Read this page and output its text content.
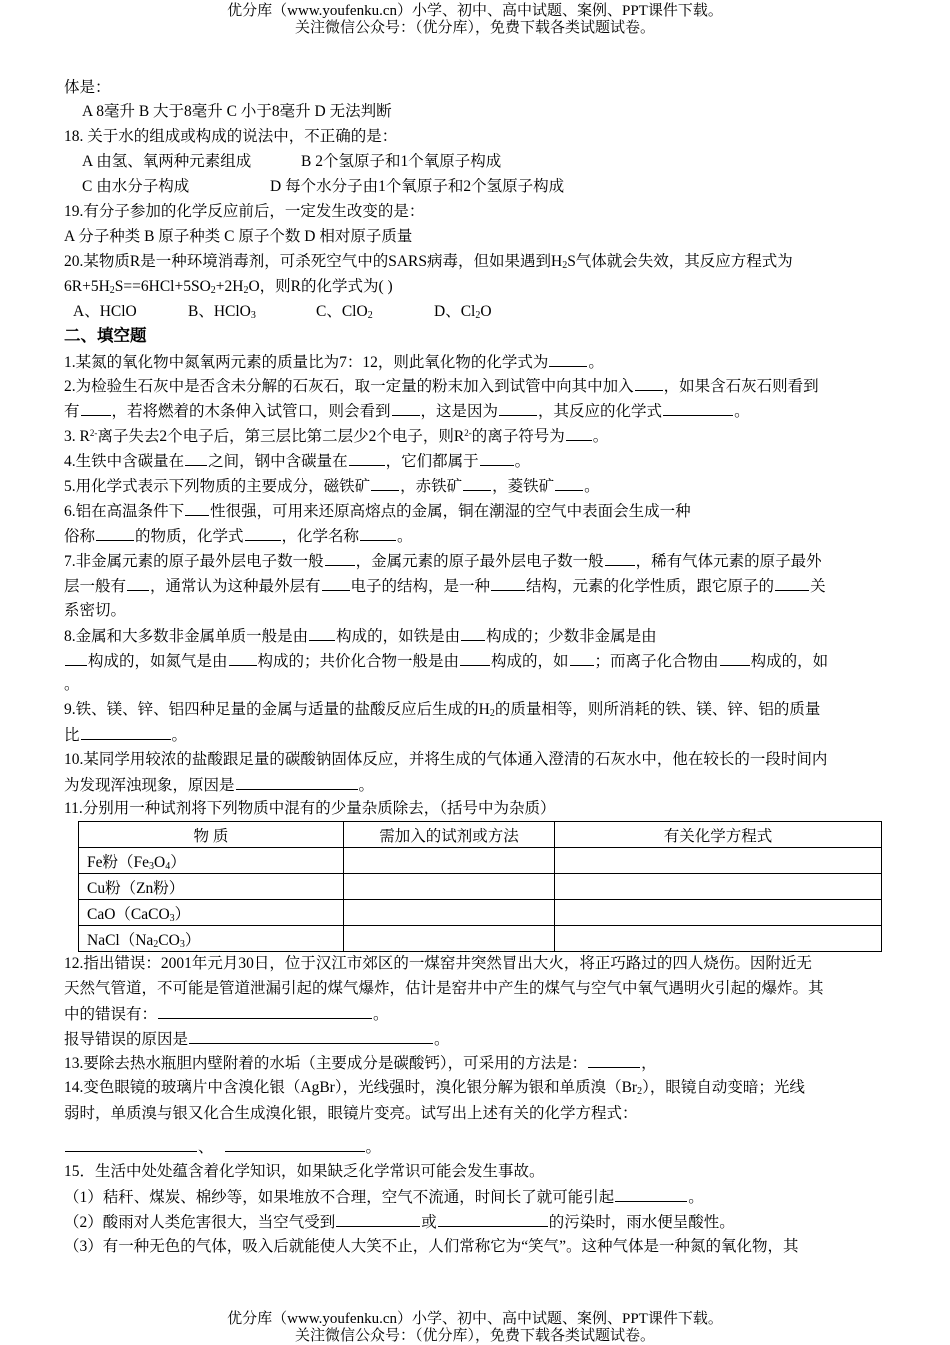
优分库（www.youfenku.cn）小学、初中、高中试题、案例、PPT课件下载。
关注微信公众号：（优分库），免费下载各类试题试卷。
体是：
A 8毫升 B 大于8毫升 C 小于8毫升 D 无法判断
18. 关于水的组成或构成的说法中，不正确的是：
A 由氢、氧两种元素组成	B 2个氢原子和1个氧原子构成
C 由水分子构成	D 每个水分子由1个氧原子和2个氢原子构成
19.有分子参加的化学反应前后，一定发生改变的是：
A 分子种类 B 原子种类 C 原子个数 D 相对原子质量
20.某物质R是一种环境消毒剂，可杀死空气中的SARS病毒，但如果遇到$H_2S$气体就会失效，其反应方程式为
$6R+5H_2S==6HCl+5SO_2+2H_2O$，则R的化学式为( )
A、HClO	B、HClO$_3$	C、ClO$_2$	D、$Cl_2O$
二、填空题
1.某氮的氧化物中氮氧两元素的质量比为7：12，则此氧化物的化学式为	。
2.为检验生石灰中是否含未分解的石灰石，取一定量的粉末加入到试管中向其中加入 ，如果含石灰石则看到
有 ，若将燃着的木条伸入试管口，则会看到 ，这是因为	，其反应的化学式	。
3. $R^{2-}$离子失去2个电子后，第三层比第二层少2个电子，则$R^{2-}$的离子符号为 。
4.生铁中含碳量在 之间，钢中含碳量在 ，它们都属于 。
5.用化学式表示下列物质的主要成分，磁铁矿 ，赤铁矿 ，菱铁矿 。
6.铝在高温条件下 性很强，可用来还原高熔点的金属，铜在潮湿的空气中表面会生成一种
俗称	的物质，化学式 ，化学名称 。
7.非金属元素的原子最外层电子数一般 ，金属元素的原子最外层电子数一般 ，稀有气体元素的原子最外
层一般有 ，通常认为这种最外层有 电子的结构，是一种 结构，元素的化学性质，跟它原子的 关
系密切。
8.金属和大多数非金属单质一般是由 构成的，如铁是由 构成的；少数非金属是由
构成的，如氮气是由 构成的；共价化合物一般是由 构成的，如 ；而离子化合物由 构成的，如
。
9.铁、镁、锌、铝四种足量的金属与适量的盐酸反应后生成的$H_2$的质量相等，则所消耗的铁、镁、锌、铝的质量
比	。
10.某同学用较浓的盐酸跟足量的碳酸钠固体反应，并将生成的气体通入澄清的石灰水中，他在较长的一段时间内
为发现浑浊现象，原因是	。
11.分别用一种试剂将下列物质中混有的少量杂质除去，（括号中为杂质）
物 质	需加入的试剂或方法	有关化学方程式
Fe粉$(Fe_3O_4)$		
Cu粉（Zn粉）		
CaO（CaCO$_3$）		
$NaCl(Na_2CO_3)$		
12.指出错误：2001年元月30日，位于汉江市郊区的一煤窑井突然冒出大火，将正巧路过的四人烧伤。因附近无
天然气管道，不可能是管道泄漏引起的煤气爆炸，估计是窑井中产生的煤气与空气中氧气遇明火引起的爆炸。其
中的错误有：	。
报导错误的原因是	。
13.要除去热水瓶胆内壁附着的水垢（主要成分是碳酸钙），可采用的方法是：	，
14.变色眼镜的玻璃片中含溴化银（AgBr），光线强时，溴化银分解为银和单质溴$(Br_2)$，眼镜自动变暗；光线
弱时，单质溴与银又化合生成溴化银，眼镜片变亮。试写出上述有关的化学方程式：
、	。
15．生活中处处蕴含着化学知识，如果缺乏化学常识可能会发生事故。
（1）秸秆、煤炭、棉纱等，如果堆放不合理，空气不流通，时间长了就可能引起	。
（2）酸雨对人类危害很大，当空气受到	或	的污染时，雨水便呈酸性。
（3）有一种无色的气体，吸入后就能使人大笑不止，人们常称它为“笑气”。这种气体是一种氮的氧化物，其
优分库（www.youfenku.cn）小学、初中、高中试题、案例、PPT课件下载。
关注微信公众号：（优分库），免费下载各类试题试卷。
